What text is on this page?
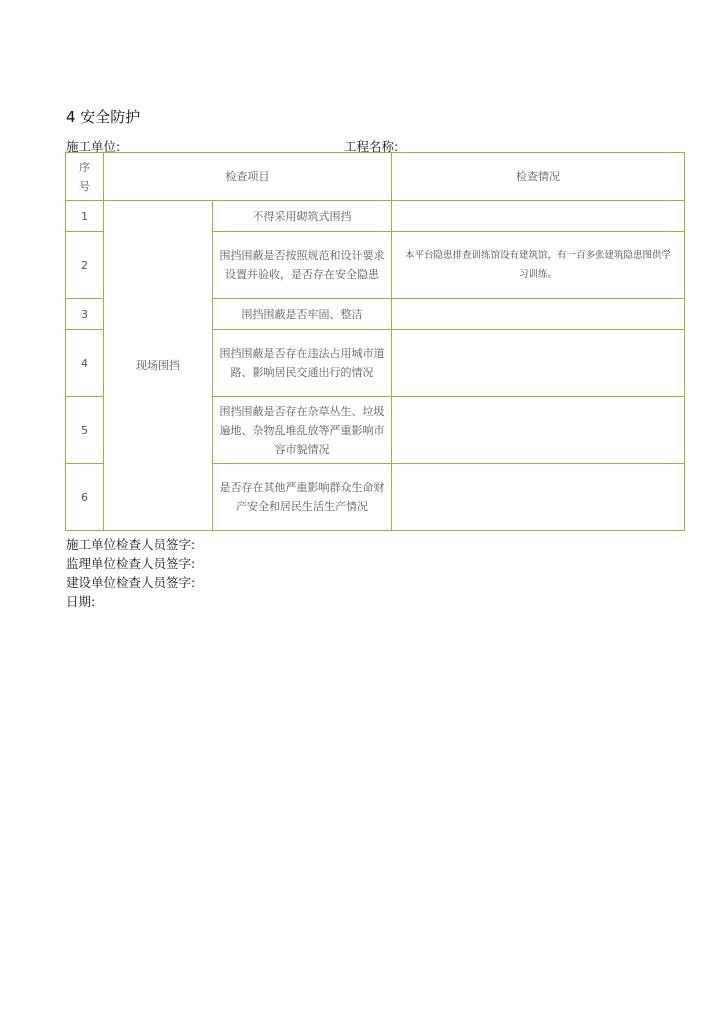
4 安全防护
施工单位:	工程名称:
序号	检查项目		检查情况
1	现场围挡	不得采用砌筑式围挡	
2		围挡围蔽是否按照规范和设计要求设置并验收，是否存在安全隐患	本平台隐患排查训练馆设有建筑馆，有一百多张建筑隐患图供学习训练。
3		围挡围蔽是否牢固、整洁	
4		围挡围蔽是否存在违法占用城市道路、影响居民交通出行的情况	
5		围挡围蔽是否存在杂草丛生、垃圾遍地、杂物乱堆乱放等严重影响市容市貌情况	
6		是否存在其他严重影响群众生命财产安全和居民生活生产情况	
施工单位检查人员签字:
监理单位检查人员签字:
建设单位检查人员签字:
日期:
